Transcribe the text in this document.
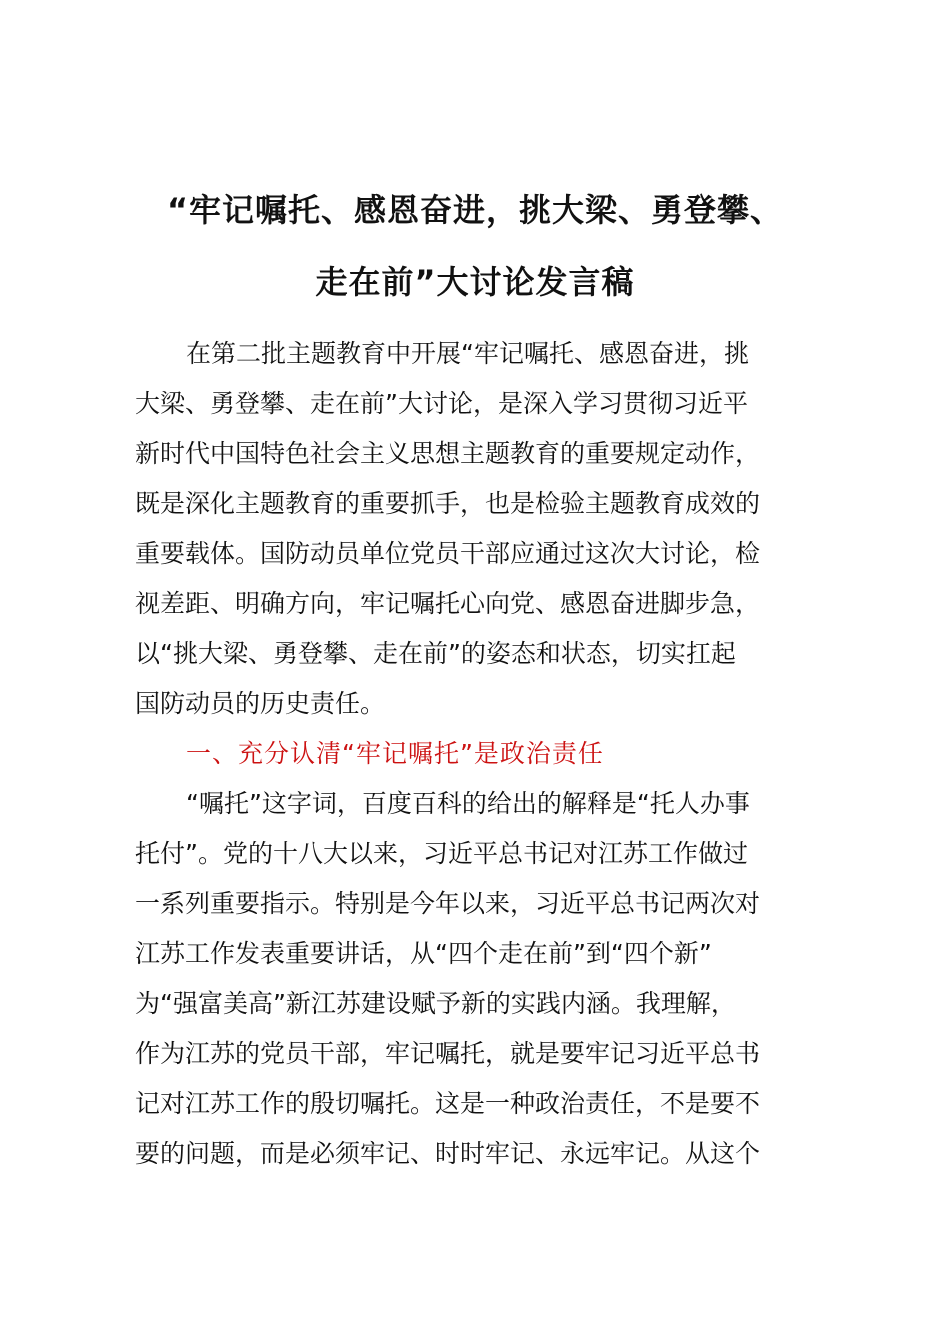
“牢记嘱托、感恩奋进，挑大梁、勇登攀、
走在前”大讨论发言稿
在第二批主题教育中开展“牢记嘱托、感恩奋进，挑
大梁、勇登攀、走在前”大讨论，是深入学习贯彻习近平
新时代中国特色社会主义思想主题教育的重要规定动作，
既是深化主题教育的重要抓手，也是检验主题教育成效的
重要载体。国防动员单位党员干部应通过这次大讨论，检
视差距、明确方向，牢记嘱托心向党、感恩奋进脚步急，
以“挑大梁、勇登攀、走在前”的姿态和状态，切实扛起
国防动员的历史责任。
一、充分认清“牢记嘱托”是政治责任
“嘱托”这字词，百度百科的给出的解释是“托人办事
托付”。党的十八大以来，习近平总书记对江苏工作做过
一系列重要指示。特别是今年以来，习近平总书记两次对
江苏工作发表重要讲话，从“四个走在前”到“四个新”
为“强富美高”新江苏建设赋予新的实践内涵。我理解，
作为江苏的党员干部，牢记嘱托，就是要牢记习近平总书
记对江苏工作的殷切嘱托。这是一种政治责任，不是要不
要的问题，而是必须牢记、时时牢记、永远牢记。从这个
